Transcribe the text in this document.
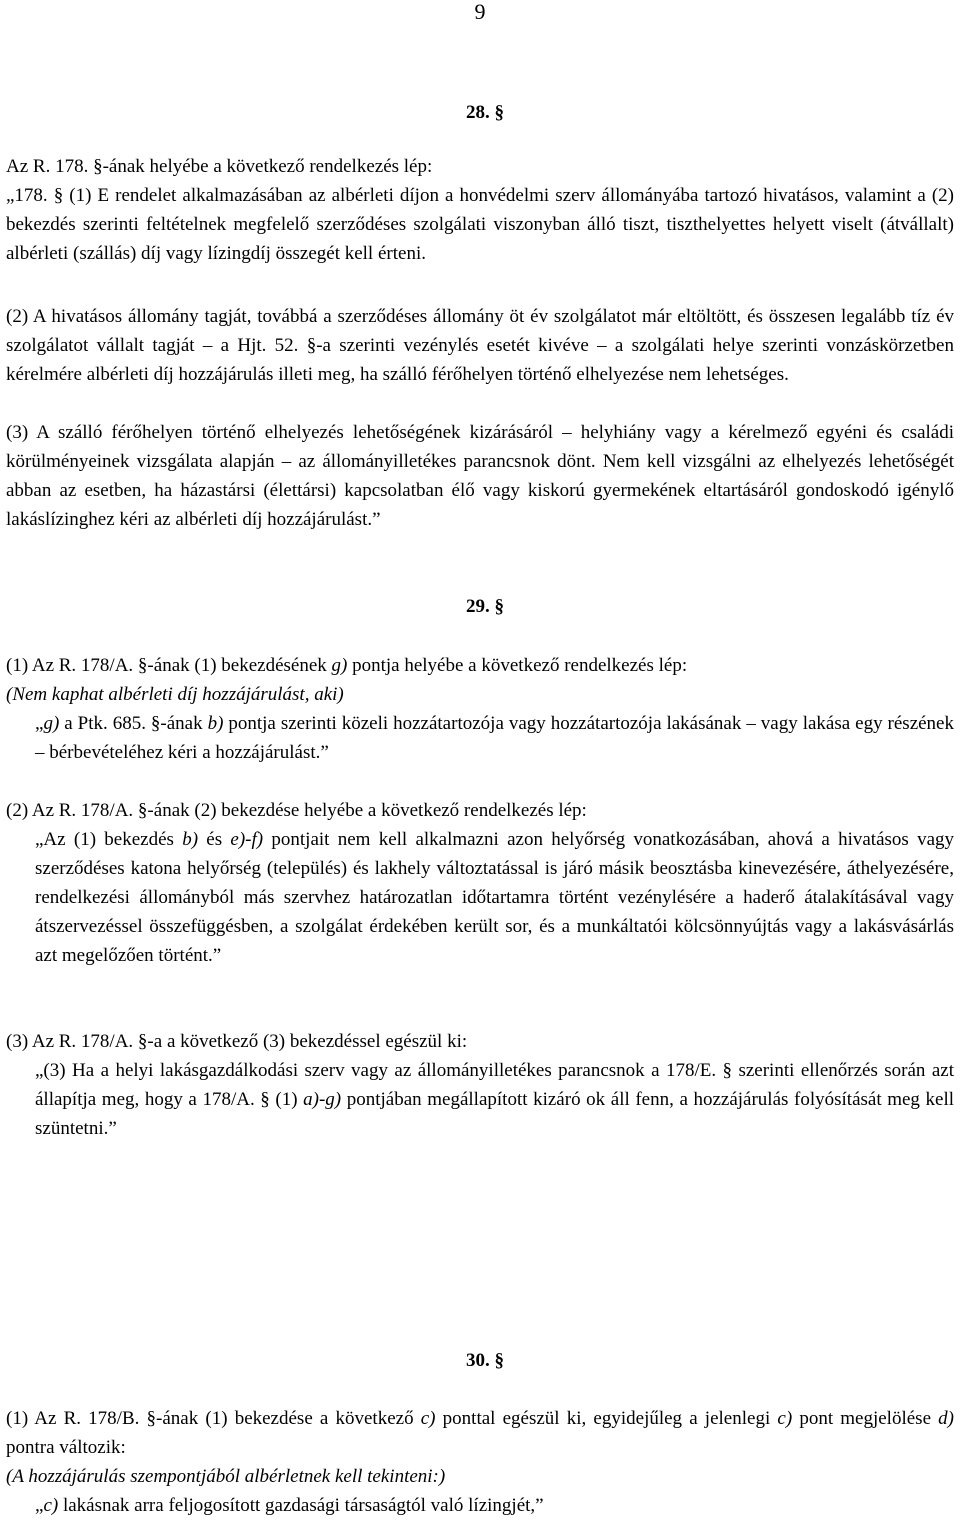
9
28. §

Az R. 178. §-ának helyébe a következő rendelkezés lép:

„178. § (1) E rendelet alkalmazásában az albérleti díjon a honvédelmi szerv állományába tartozó hivatásos, valamint a (2) bekezdés szerinti feltételnek megfelelő szerződéses szolgálati viszonyban álló tiszt, tiszthelyettes helyett viselt (átvállalt) albérleti (szállás) díj vagy lízingdíj összegét kell érteni.

(2) A hivatásos állomány tagját, továbbá a szerződéses állomány öt év szolgálatot már eltöltött, és összesen legalább tíz év szolgálatot vállalt tagját – a Hjt. 52. §-a szerinti vezénylés esetét kivéve – a szolgálati helye szerinti vonzáskörzetben kérelmére albérleti díj hozzájárulás illeti meg, ha szálló férőhelyen történő elhelyezése nem lehetséges.

(3) A szálló férőhelyen történő elhelyezés lehetőségének kizárásáról – helyhiány vagy a kérelmező egyéni és családi körülményeinek vizsgálata alapján – az állományilletékes parancsnok dönt. Nem kell vizsgálni az elhelyezés lehetőségét abban az esetben, ha házastársi (élettársi) kapcsolatban élő vagy kiskorú gyermekének eltartásáról gondoskodó igénylő lakáslízinghez kéri az albérleti díj hozzájárulást.”

29. §

(1) Az R. 178/A. §-ának (1) bekezdésének g) pontja helyébe a következő rendelkezés lép:

(Nem kaphat albérleti díj hozzájárulást, aki)

„g) a Ptk. 685. §-ának b) pontja szerinti közeli hozzátartozója vagy hozzátartozója lakásának – vagy lakása egy részének – bérbevételéhez kéri a hozzájárulást.”

(2) Az R. 178/A. §-ának (2) bekezdése helyébe a következő rendelkezés lép:

„Az (1) bekezdés b) és e)-f) pontjait nem kell alkalmazni azon helyőrség vonatkozásában, ahová a hivatásos vagy szerződéses katona helyőrség (település) és lakhely változtatással is járó másik beosztásba kinevezésére, áthelyezésére, rendelkezési állományból más szervhez határozatlan időtartamra történt vezénylésére a haderő átalakításával vagy átszervezéssel összefüggésben, a szolgálat érdekében került sor, és a munkáltatói kölcsönnyújtás vagy a lakásvásárlás azt megelőzően történt.”

(3) Az R. 178/A. §-a a következő (3) bekezdéssel egészül ki:

„(3) Ha a helyi lakásgazdálkodási szerv vagy az állományilletékes parancsnok a 178/E. § szerinti ellenőrzés során azt állapítja meg, hogy a 178/A. § (1) a)-g) pontjában megállapított kizáró ok áll fenn, a hozzájárulás folyósítását meg kell szüntetni.”

30. §

(1) Az R. 178/B. §-ának (1) bekezdése a következő c) ponttal egészül ki, egyidejűleg a jelenlegi c) pont megjelölése d) pontra változik:

(A hozzájárulás szempontjából albérletnek kell tekinteni:)

„c) lakásnak arra feljogosított gazdasági társaságtól való lízingjét,”
